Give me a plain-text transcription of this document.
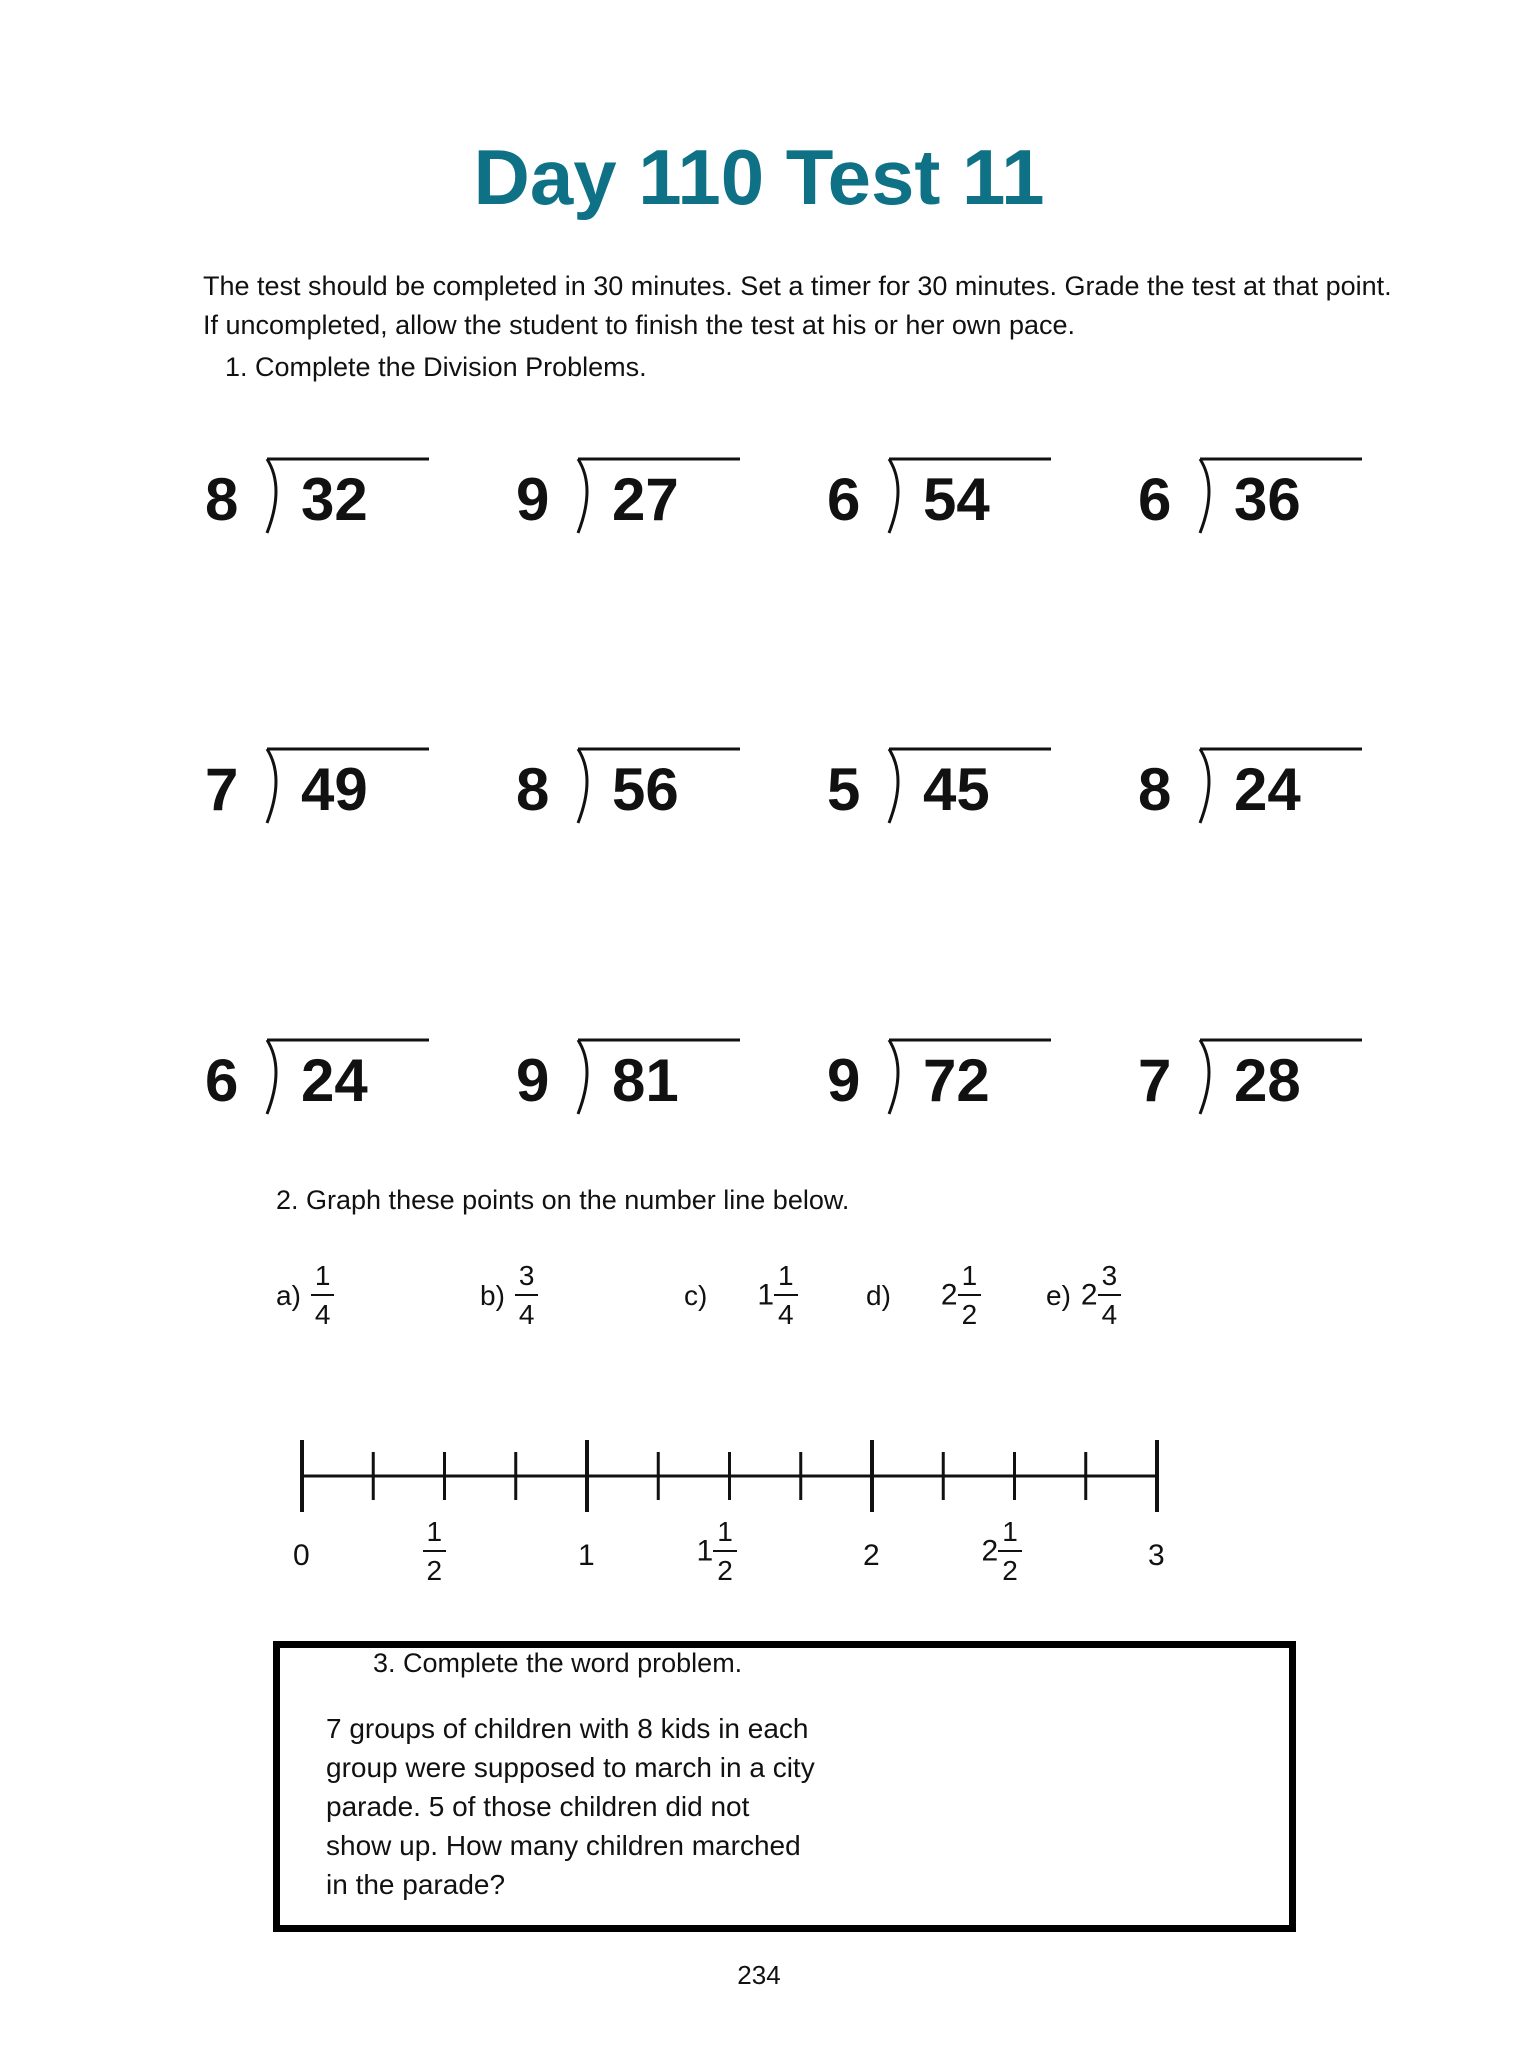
Day 110 Test 11
The test should be completed in 30 minutes. Set a timer for 30 minutes. Grade the test at that point.
If uncompleted, allow the student to finish the test at his or her own pace.
1. Complete the Division Problems.
8 32 9 27 6 54 6 36
7 49 8 56 5 45 8 24
6 24 9 81 9 72 7 28
2. Graph these points on the number line below.
$a) \frac{1}{4}$	$b) \frac{3}{4}$	c) $1 \frac{1}{4} d$) $2 \frac{1}{2} e$) $2 \frac{3}{4}$
0	$\frac{1}{2}$	1	$1 \frac{1}{2}$	2	$2 \frac{1}{2}$	3
3. Complete the word problem.
7 groups of children with 8 kids in each
group were supposed to march in a city
parade. 5 of those children did not
show up. How many children marched
in the parade?
234
